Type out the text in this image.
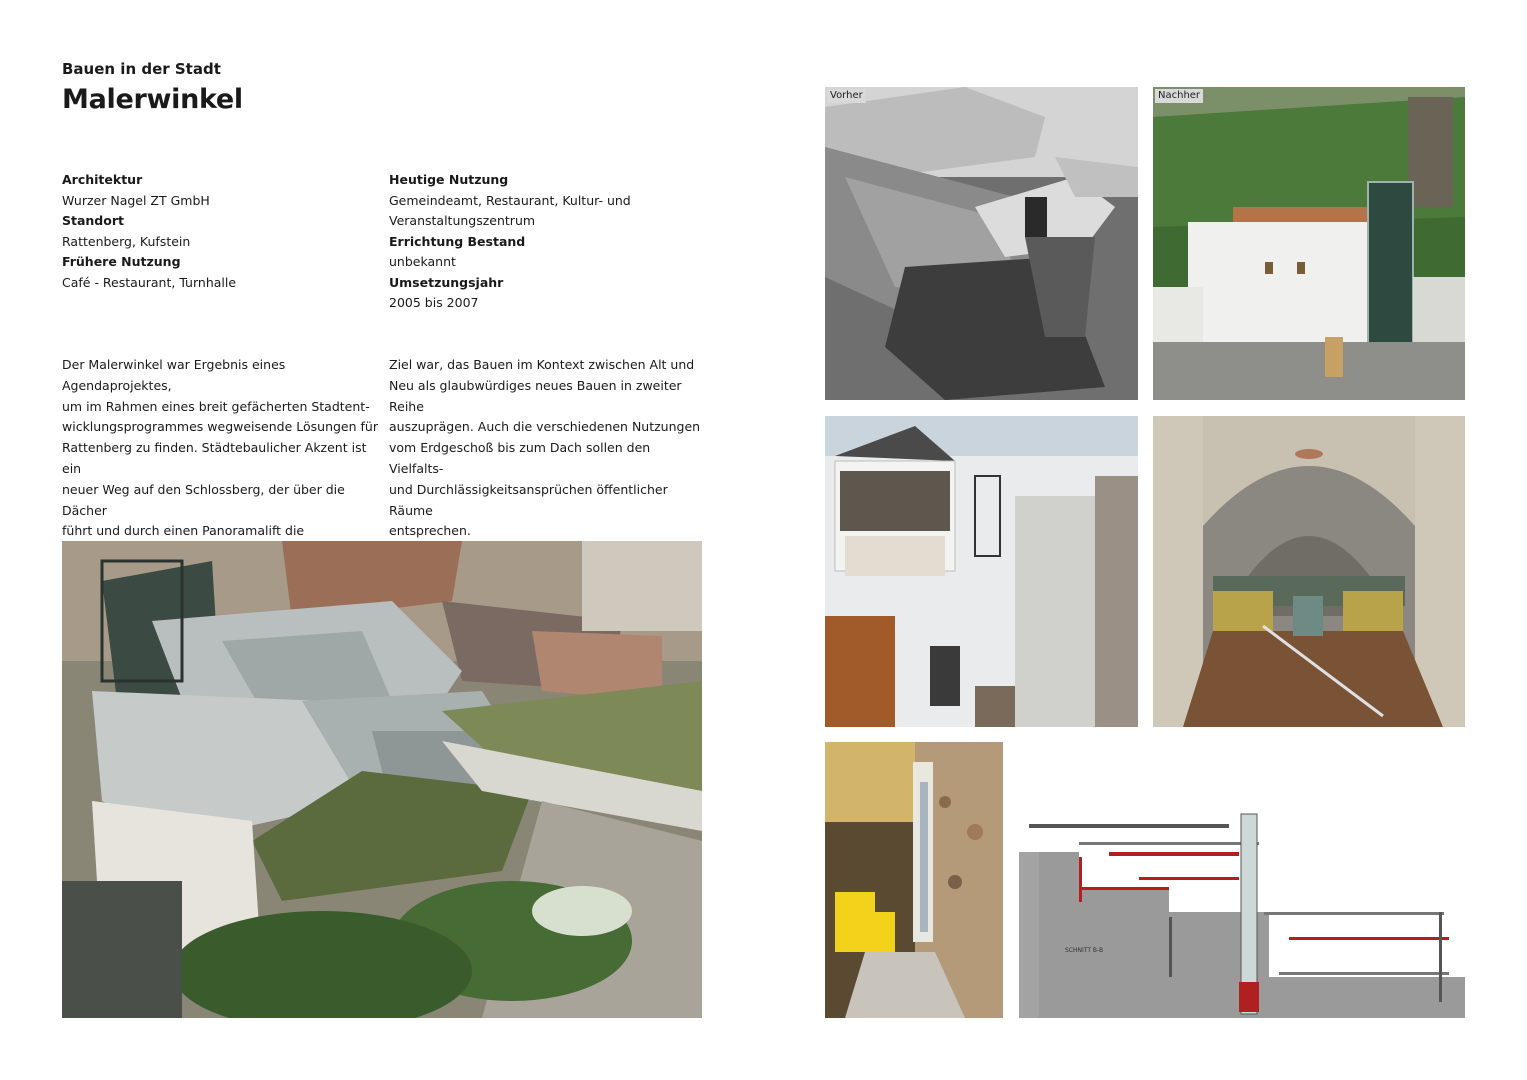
Bauen in der Stadt
Malerwinkel
Architektur
Wurzer Nagel ZT GmbH
Standort
Rattenberg, Kufstein
Frühere Nutzung
Café - Restaurant, Turnhalle
Heutige Nutzung
Gemeindeamt, Restaurant, Kultur- und
Veranstaltungszentrum
Errichtung Bestand
unbekannt
Umsetzungsjahr
2005 bis 2007
Der Malerwinkel war Ergebnis eines Agendaprojektes,
um im Rahmen eines breit gefächerten Stadtent-
wicklungsprogrammes wegweisende Lösungen für
Rattenberg zu finden. Städtebaulicher Akzent ist ein
neuer Weg auf den Schlossberg, der über die Dächer
führt und durch einen Panoramalift die
Ziel war, das Bauen im Kontext zwischen Alt und
Neu als glaubwürdiges neues Bauen in zweiter Reihe
auszuprägen. Auch die verschiedenen Nutzungen
vom Erdgeschoß bis zum Dach sollen den Vielfalts-
und Durchlässigkeitsansprüchen öffentlicher Räume
entsprechen.
Vorher	Nachher
SCHNITT B-B
